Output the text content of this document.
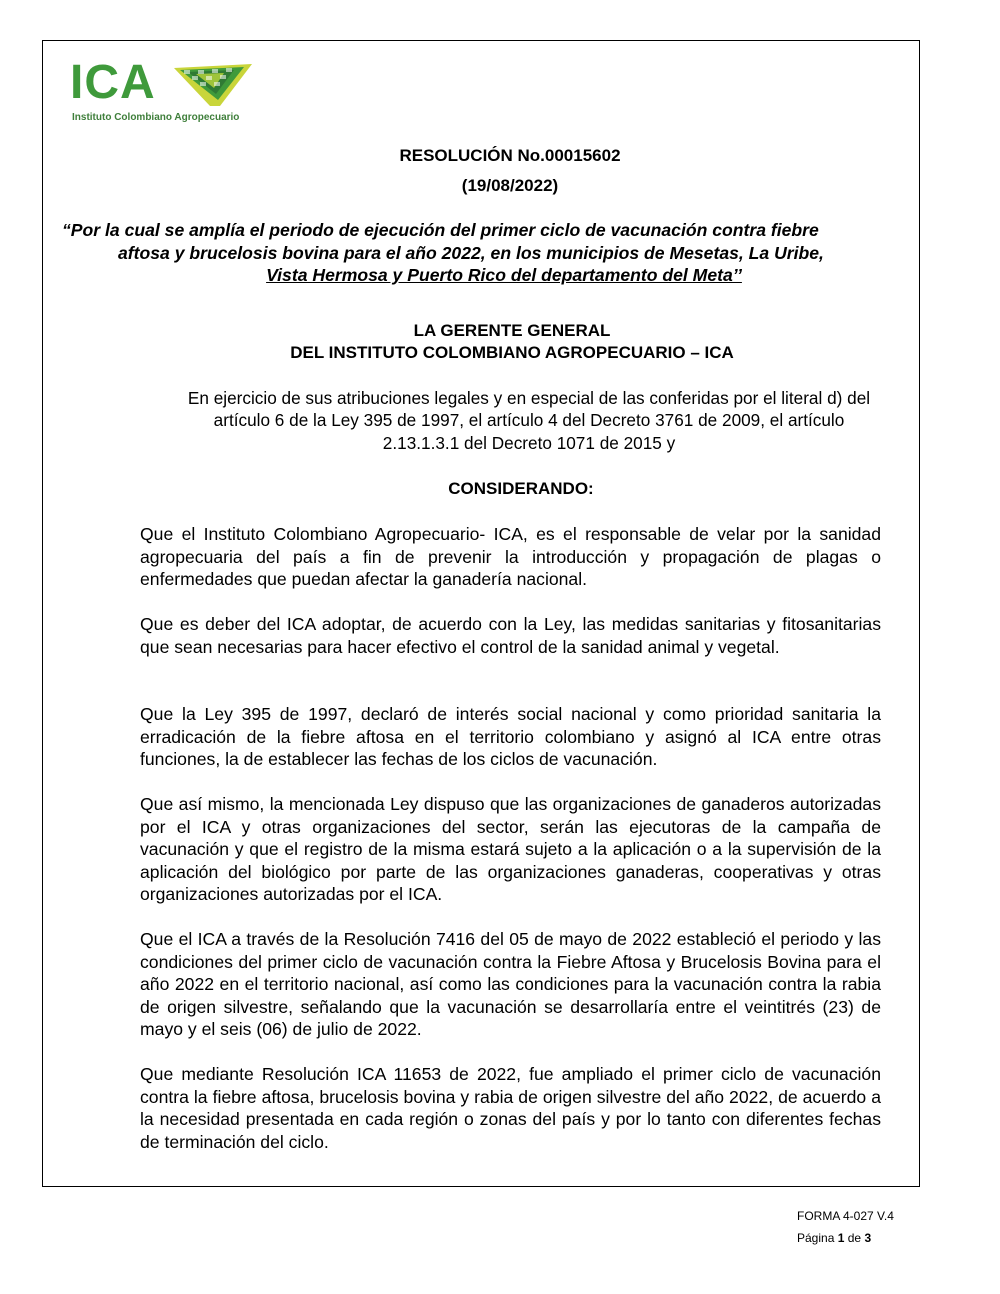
ICA
Instituto Colombiano Agropecuario
RESOLUCIÓN No.00015602
(19/08/2022)
“Por la cual se amplía el periodo de ejecución del primer ciclo de vacunación contra fiebre
aftosa y brucelosis bovina para el año 2022, en los municipios de Mesetas, La Uribe,
Vista Hermosa y Puerto Rico del departamento del Meta’’
LA GERENTE GENERAL
DEL INSTITUTO COLOMBIANO AGROPECUARIO – ICA
En ejercicio de sus atribuciones legales y en especial de las conferidas por el literal d) del artículo 6 de la Ley 395 de 1997, el artículo 4 del Decreto 3761 de 2009, el artículo 2.13.1.3.1 del Decreto 1071 de 2015 y
CONSIDERANDO:
Que el Instituto Colombiano Agropecuario- ICA, es el responsable de velar por la sanidad agropecuaria del país a fin de prevenir la introducción y propagación de plagas o enfermedades que puedan afectar la ganadería nacional.
Que es deber del ICA adoptar, de acuerdo con la Ley, las medidas sanitarias y fitosanitarias que sean necesarias para hacer efectivo el control de la sanidad animal y vegetal.
Que la Ley 395 de 1997, declaró de interés social nacional y como prioridad sanitaria la erradicación de la fiebre aftosa en el territorio colombiano y asignó al ICA entre otras funciones, la de establecer las fechas de los ciclos de vacunación.
Que así mismo, la mencionada Ley dispuso que las organizaciones de ganaderos autorizadas por el ICA y otras organizaciones del sector, serán las ejecutoras de la campaña de vacunación y que el registro de la misma estará sujeto a la aplicación o a la supervisión de la aplicación del biológico por parte de las organizaciones ganaderas, cooperativas y otras organizaciones autorizadas por el ICA.
Que el ICA a través de la Resolución 7416 del 05 de mayo de 2022 estableció el periodo y las condiciones del primer ciclo de vacunación contra la Fiebre Aftosa y Brucelosis Bovina para el año 2022 en el territorio nacional, así como las condiciones para la vacunación contra la rabia de origen silvestre, señalando que la vacunación se desarrollaría entre el veintitrés (23) de mayo y el seis (06) de julio de 2022.
Que mediante Resolución ICA 11653 de 2022, fue ampliado el primer ciclo de vacunación contra la fiebre aftosa, brucelosis bovina y rabia de origen silvestre del año 2022, de acuerdo a la necesidad presentada en cada región o zonas del país y por lo tanto con diferentes fechas de terminación del ciclo.
FORMA 4-027 V.4
Página 1 de 3
